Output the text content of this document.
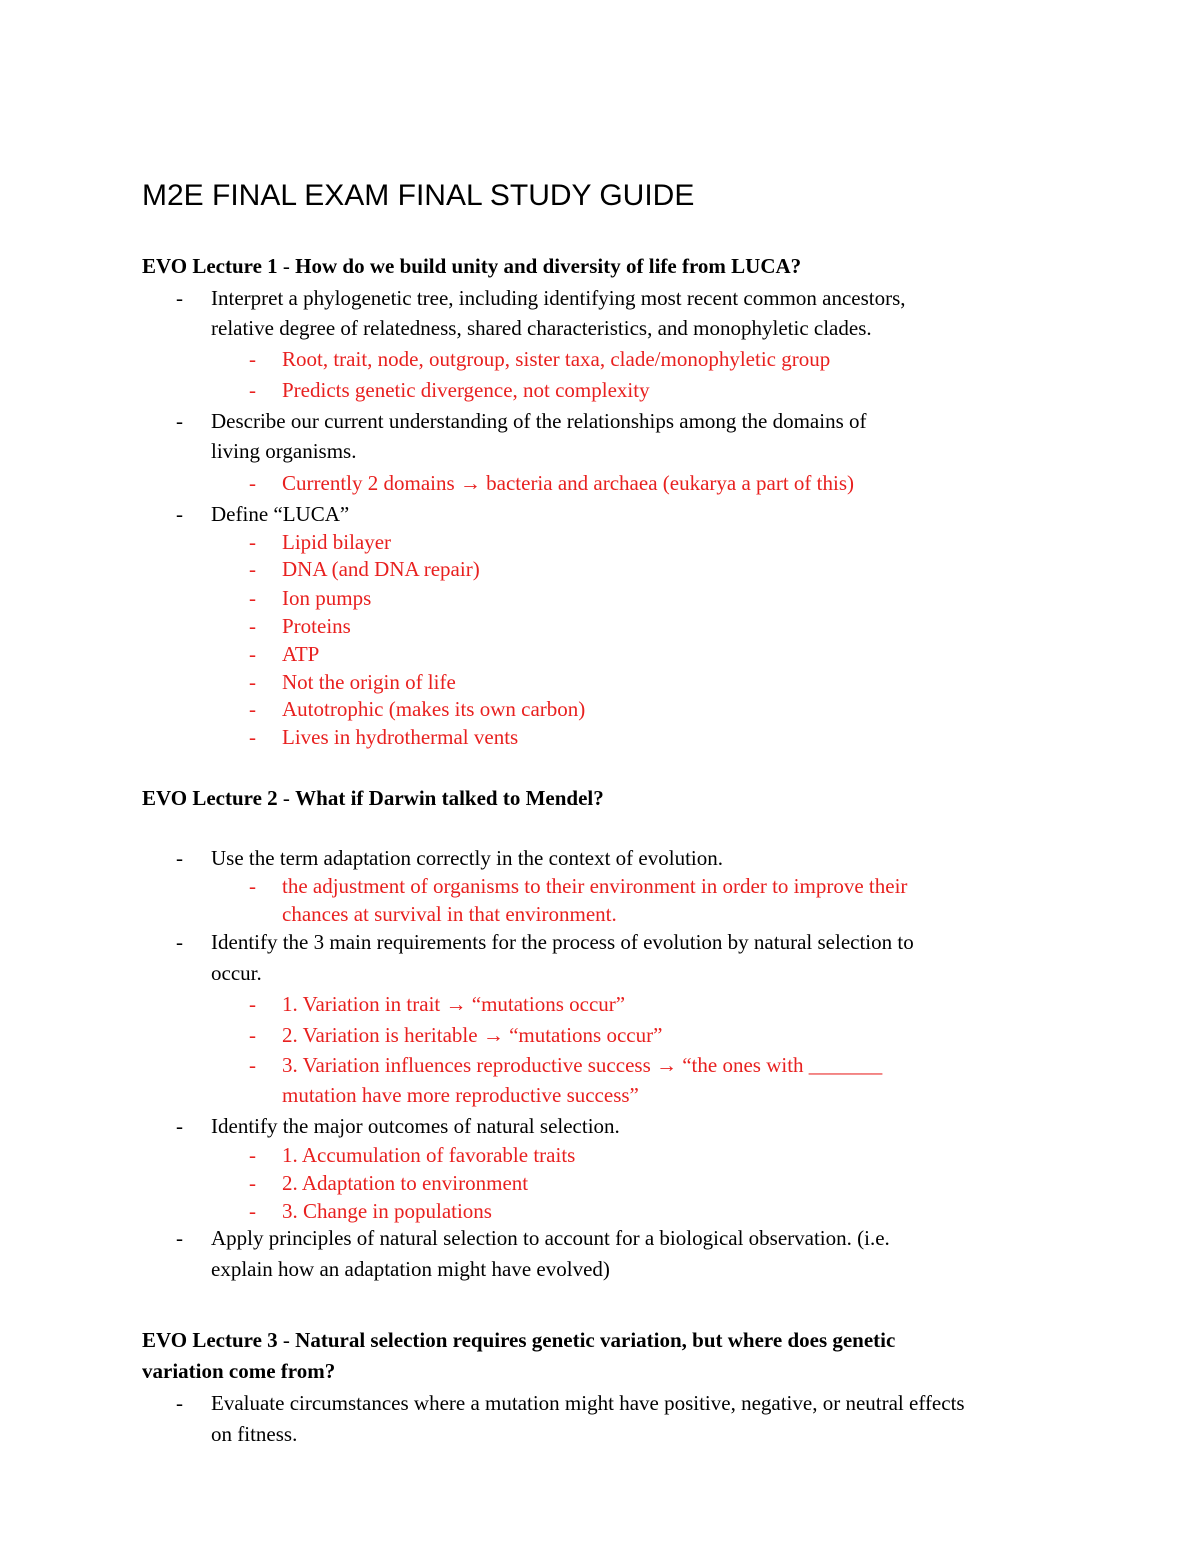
M2E FINAL EXAM FINAL STUDY GUIDE
EVO Lecture 1 - How do we build unity and diversity of life from LUCA?
- Interpret a phylogenetic tree, including identifying most recent common ancestors,
relative degree of relatedness, shared characteristics, and monophyletic clades.
- Root, trait, node, outgroup, sister taxa, clade/monophyletic group
- Predicts genetic divergence, not complexity
- Describe our current understanding of the relationships among the domains of
living organisms.
- Currently 2 domains → bacteria and archaea (eukarya a part of this)
- Define “LUCA”
- Lipid bilayer
- DNA (and DNA repair)
- Ion pumps
- Proteins
- ATP
- Not the origin of life
- Autotrophic (makes its own carbon)
- Lives in hydrothermal vents
EVO Lecture 2 - What if Darwin talked to Mendel?
- Use the term adaptation correctly in the context of evolution.
- the adjustment of organisms to their environment in order to improve their
chances at survival in that environment.
- Identify the 3 main requirements for the process of evolution by natural selection to
occur.
- 1. Variation in trait → “mutations occur”
- 2. Variation is heritable → “mutations occur”
- 3. Variation influences reproductive success → “the ones with _______
mutation have more reproductive success”
- Identify the major outcomes of natural selection.
- 1. Accumulation of favorable traits
- 2. Adaptation to environment
- 3. Change in populations
- Apply principles of natural selection to account for a biological observation. (i.e.
explain how an adaptation might have evolved)
EVO Lecture 3 - Natural selection requires genetic variation, but where does genetic
variation come from?
- Evaluate circumstances where a mutation might have positive, negative, or neutral effects
on fitness.
